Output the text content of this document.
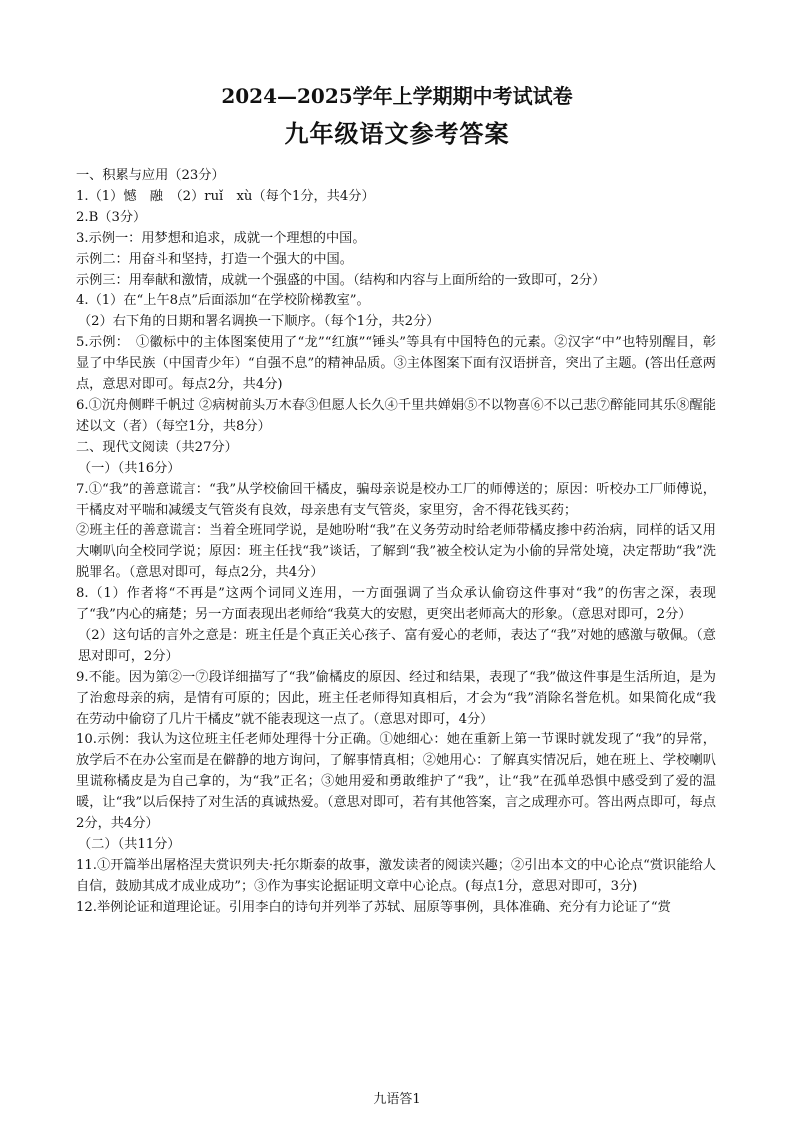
2024—2025学年上学期期中考试试卷
九年级语文参考答案

一、积累与应用（23分）

1.（1）憾　融　（2）ruǐ　xù（每个1分，共4分）

2.B（3分）

3.示例一：用梦想和追求，成就一个理想的中国。

示例二：用奋斗和坚持，打造一个强大的中国。

示例三：用奉献和激情，成就一个强盛的中国。（结构和内容与上面所给的一致即可，2分）

4.（1）在“上午8点”后面添加“在学校阶梯教室”。

（2）右下角的日期和署名调换一下顺序。（每个1分，共2分）

5.示例：　①徽标中的主体图案使用了“龙”“红旗”“锤头”等具有中国特色的元素。②汉字“中”也特别醒目，彰显了中华民族（中国青少年）“自强不息”的精神品质。③主体图案下面有汉语拼音，突出了主题。(答出任意两点，意思对即可。每点2分，共4分)

6.①沉舟侧畔千帆过 ②病树前头万木春③但愿人长久④千里共婵娟⑤不以物喜⑥不以己悲⑦醉能同其乐⑧醒能述以文（者）（每空1分，共8分）

二、现代文阅读（共27分）

（一）（共16分）

7.①“我”的善意谎言：“我”从学校偷回干橘皮，骗母亲说是校办工厂的师傅送的；原因：听校办工厂师傅说，干橘皮对平喘和减缓支气管炎有良效，母亲患有支气管炎，家里穷，舍不得花钱买药；

②班主任的善意谎言：当着全班同学说，是她吩咐“我”在义务劳动时给老师带橘皮掺中药治病，同样的话又用大喇叭向全校同学说；原因：班主任找“我”谈话，了解到“我”被全校认定为小偷的异常处境，决定帮助“我”洗脱罪名。（意思对即可，每点2分，共4分）

8.（1）作者将“不再是”这两个词同义连用，一方面强调了当众承认偷窃这件事对“我”的伤害之深，表现了“我”内心的痛楚；另一方面表现出老师给“我莫大的安慰，更突出老师高大的形象。（意思对即可，2分）

（2）这句话的言外之意是：班主任是个真正关心孩子、富有爱心的老师，表达了“我”对她的感激与敬佩。（意思对即可，2分）

9.不能。因为第②一⑦段详细描写了“我”偷橘皮的原因、经过和结果，表现了“我”做这件事是生活所迫，是为了治愈母亲的病，是情有可原的；因此，班主任老师得知真相后，才会为“我”消除名誉危机。如果简化成“我在劳动中偷窃了几片干橘皮”就不能表现这一点了。（意思对即可，4分）

10.示例：我认为这位班主任老师处理得十分正确。①她细心：她在重新上第一节课时就发现了“我”的异常，放学后不在办公室而是在僻静的地方询问，了解事情真相；②她用心：了解真实情况后，她在班上、学校喇叭里谎称橘皮是为自己拿的，为“我”正名；③她用爱和勇敢维护了“我”，让“我”在孤单恐惧中感受到了爱的温暖，让“我”以后保持了对生活的真诚热爱。（意思对即可，若有其他答案，言之成理亦可。答出两点即可，每点2分，共4分）

（二）（共11分）

11.①开篇举出屠格涅夫赏识列夫·托尔斯泰的故事，激发读者的阅读兴趣；②引出本文的中心论点“赏识能给人自信，鼓励其成才成业成功”；③作为事实论据证明文章中心论点。(每点1分，意思对即可，3分)

12.举例论证和道理论证。引用李白的诗句并列举了苏轼、屈原等事例，具体准确、充分有力论证了“赏

九语答1
